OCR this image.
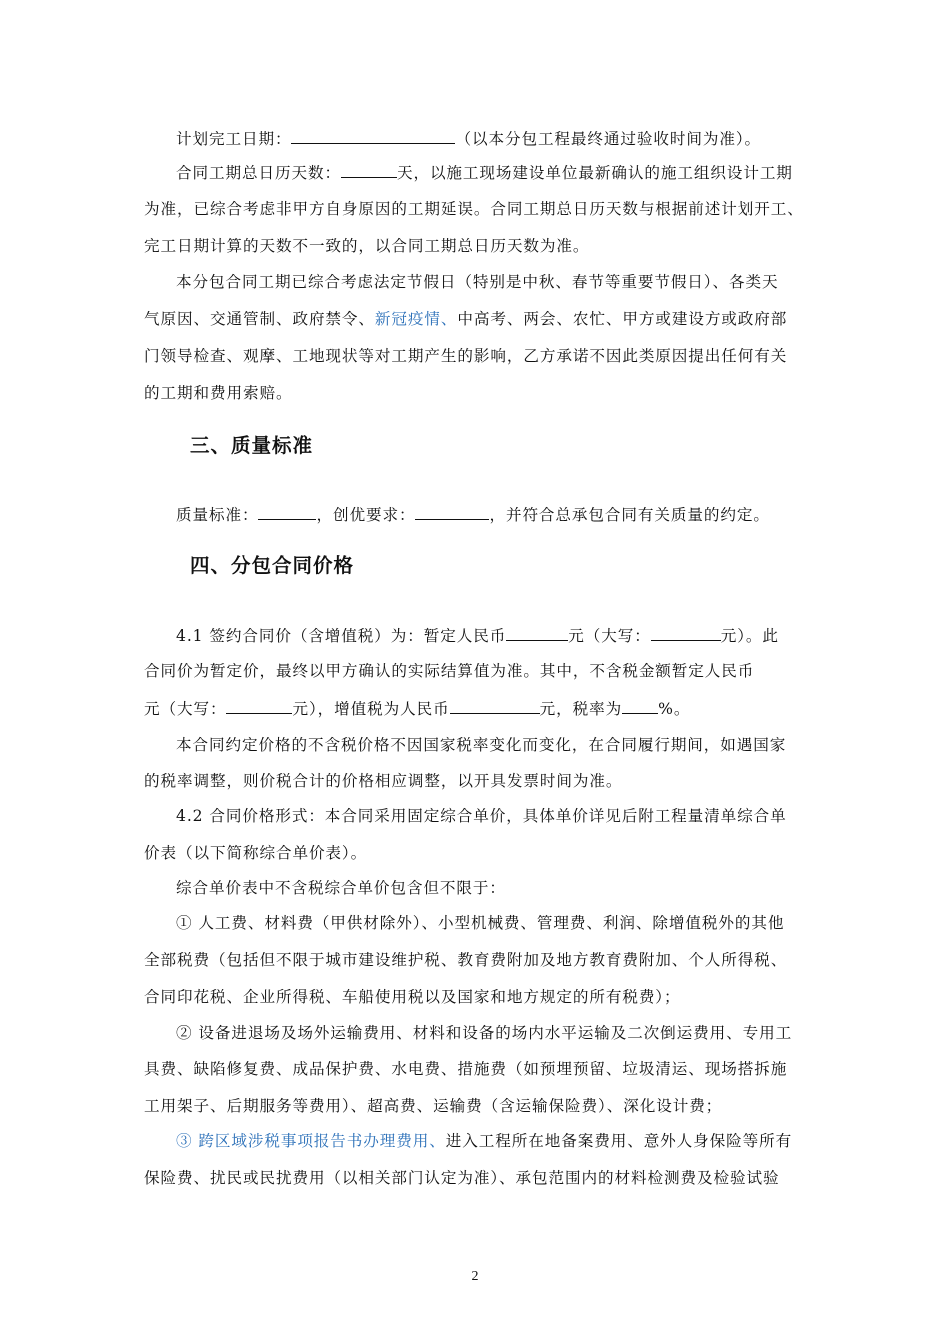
计划完工日期：	（以本分包工程最终通过验收时间为准）。
合同工期总日历天数：	天，以施工现场建设单位最新确认的施工组织设计工期
为准，已综合考虑非甲方自身原因的工期延误。合同工期总日历天数与根据前述计划开工、
完工日期计算的天数不一致的，以合同工期总日历天数为准。
本分包合同工期已综合考虑法定节假日（特别是中秋、春节等重要节假日）、各类天
气原因、交通管制、政府禁令、新冠疫情、中高考、两会、农忙、甲方或建设方或政府部
门领导检查、观摩、工地现状等对工期产生的影响，乙方承诺不因此类原因提出任何有关
的工期和费用索赔。
三、质量标准
质量标准：	，创优要求：	，并符合总承包合同有关质量的约定。
四、分包合同价格
4.1 签约合同价（含增值税）为：暂定人民币	元（大写：	元）。此
合同价为暂定价，最终以甲方确认的实际结算值为准。其中，不含税金额暂定人民币
元（大写：	元），增值税为人民币	元，税率为 %。
本合同约定价格的不含税价格不因国家税率变化而变化，在合同履行期间，如遇国家
的税率调整，则价税合计的价格相应调整，以开具发票时间为准。
4.2 合同价格形式：本合同采用固定综合单价，具体单价详见后附工程量清单综合单
价表（以下简称综合单价表）。
综合单价表中不含税综合单价包含但不限于：
① 人工费、材料费（甲供材除外）、小型机械费、管理费、利润、除增值税外的其他
全部税费（包括但不限于城市建设维护税、教育费附加及地方教育费附加、个人所得税、
合同印花税、企业所得税、车船使用税以及国家和地方规定的所有税费）；
② 设备进退场及场外运输费用、材料和设备的场内水平运输及二次倒运费用、专用工
具费、缺陷修复费、成品保护费、水电费、措施费（如预埋预留、垃圾清运、现场搭拆施
工用架子、后期服务等费用）、超高费、运输费（含运输保险费）、深化设计费；
③ 跨区域涉税事项报告书办理费用、进入工程所在地备案费用、意外人身保险等所有
保险费、扰民或民扰费用（以相关部门认定为准）、承包范围内的材料检测费及检验试验
2
